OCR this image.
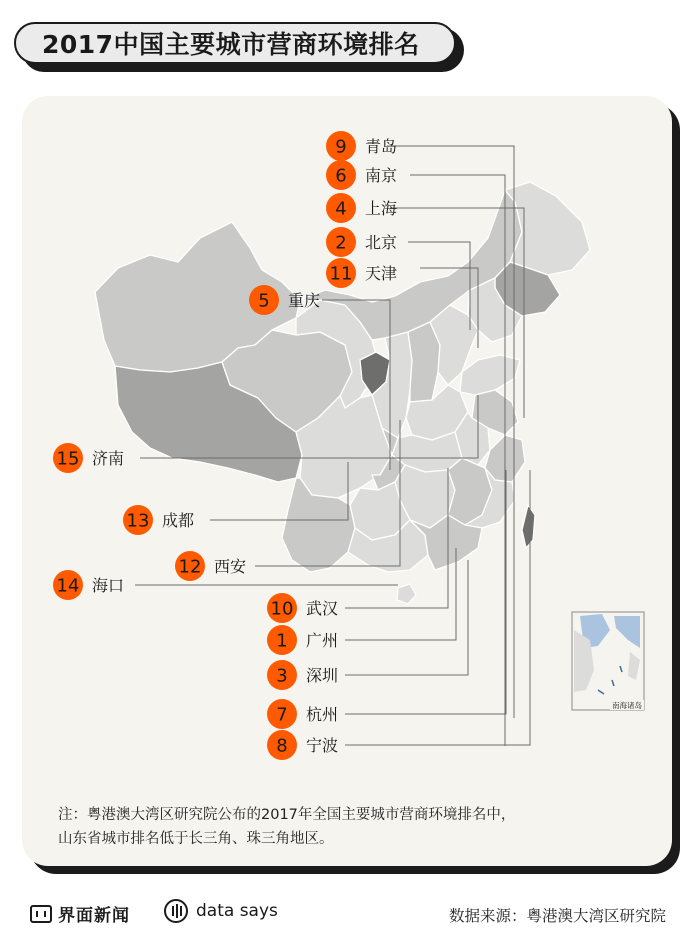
2017中国主要城市营商环境排名
南海诸岛
9 青岛
6 南京
4 上海
2 北京
11 天津
5 重庆
15 济南
13 成都
12 西安
14 海口
10 武汉
1 广州
3 深圳
7 杭州
8 宁波
注：粤港澳大湾区研究院公布的2017年全国主要城市营商环境排名中，
山东省城市排名低于长三角、珠三角地区。
界面新闻	data says	数据来源：粤港澳大湾区研究院
